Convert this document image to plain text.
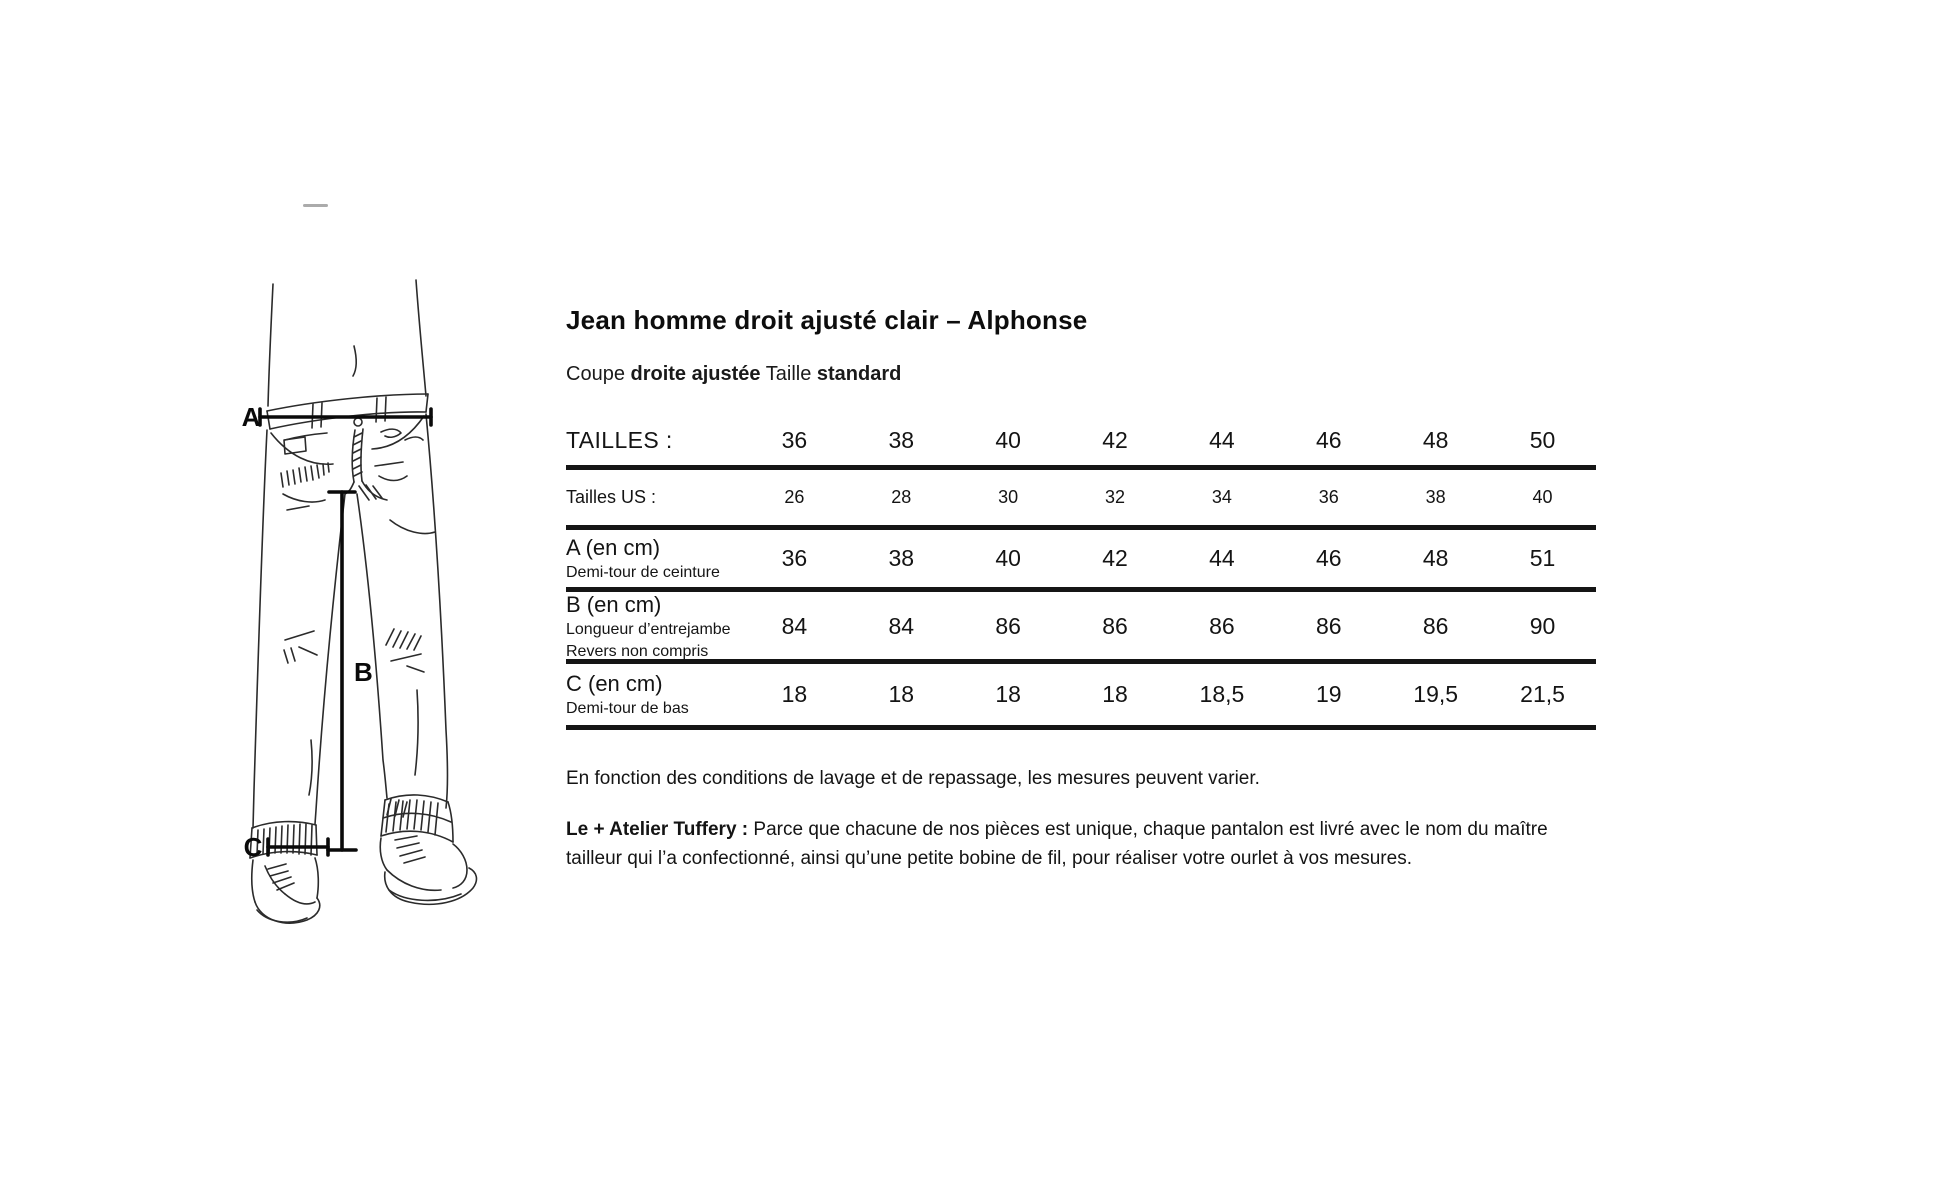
A
B
C
Jean homme droit ajusté clair – Alphonse

Coupe droite ajustée Taille standard

TAILLES :	36	38	40	42	44	46	48	50
Tailles US :	26	28	30	32	34	36	38	40
A (en cm)
Demi-tour de ceinture
36	38	40	42	44	46	48	51
B (en cm)
Longueur d’entrejambe
Revers non compris
84	84	86	86	86	86	86	90
C (en cm)
Demi-tour de bas
18	18	18	18	18,5	19	19,5	21,5

En fonction des conditions de lavage et de repassage, les mesures peuvent varier.

Le + Atelier Tuffery : Parce que chacune de nos pièces est unique, chaque pantalon est livré avec le nom du maître tailleur qui l’a confectionné, ainsi qu’une petite bobine de fil, pour réaliser votre ourlet à vos mesures.
